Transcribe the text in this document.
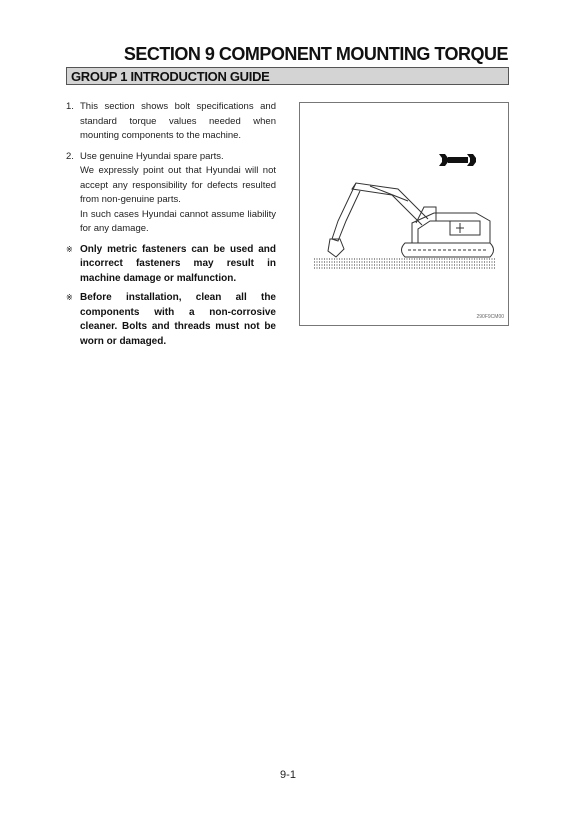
SECTION 9 COMPONENT MOUNTING TORQUE
GROUP 1 INTRODUCTION GUIDE
1. This section shows bolt specifications and standard torque values needed when mounting components to the machine.

2. Use genuine Hyundai spare parts.

We expressly point out that Hyundai will not accept any responsibility for defects resulted from non-genuine parts.

In such cases Hyundai cannot assume liability for any damage.

※ Only metric fasteners can be used and incorrect fasteners may result in machine damage or malfunction.

※ Before installation, clean all the components with a non-corrosive cleaner. Bolts and threads must not be worn or damaged.

290F9CM00

9-1
